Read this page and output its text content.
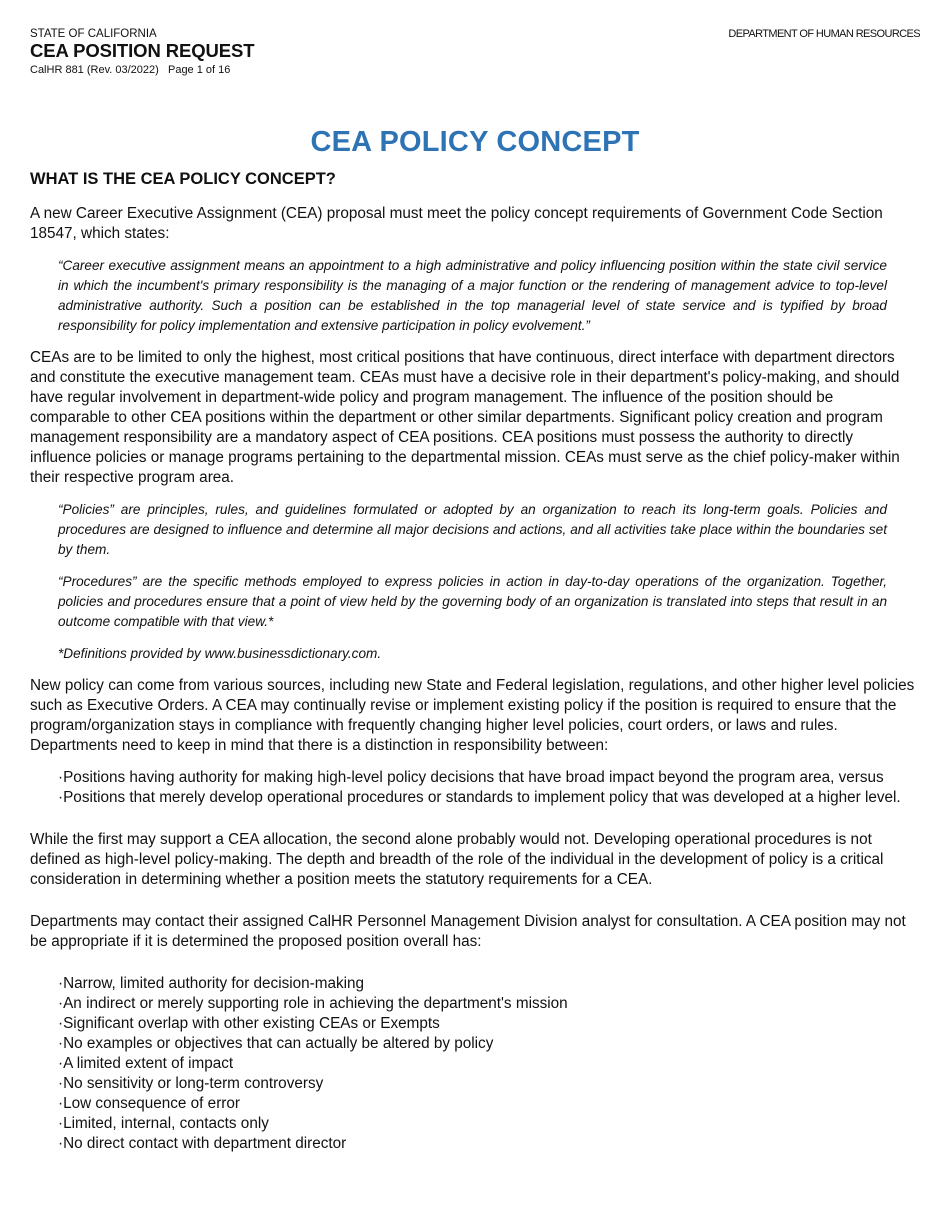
STATE OF CALIFORNIA
CEA POSITION REQUEST
CalHR 881 (Rev. 03/2022) Page 1 of 16
DEPARTMENT OF HUMAN RESOURCES
CEA POLICY CONCEPT
WHAT IS THE CEA POLICY CONCEPT?

A new Career Executive Assignment (CEA) proposal must meet the policy concept requirements of Government Code Section 18547, which states:

“Career executive assignment means an appointment to a high administrative and policy influencing position within the state civil service in which the incumbent's primary responsibility is the managing of a major function or the rendering of management advice to top-level administrative authority. Such a position can be established in the top managerial level of state service and is typified by broad responsibility for policy implementation and extensive participation in policy evolvement.”

CEAs are to be limited to only the highest, most critical positions that have continuous, direct interface with department directors and constitute the executive management team. CEAs must have a decisive role in their department's policy-making, and should have regular involvement in department-wide policy and program management. The influence of the position should be comparable to other CEA positions within the department or other similar departments. Significant policy creation and program management responsibility are a mandatory aspect of CEA positions. CEA positions must possess the authority to directly influence policies or manage programs pertaining to the departmental mission. CEAs must serve as the chief policy-maker within their respective program area.

“Policies” are principles, rules, and guidelines formulated or adopted by an organization to reach its long-term goals. Policies and procedures are designed to influence and determine all major decisions and actions, and all activities take place within the boundaries set by them.

“Procedures” are the specific methods employed to express policies in action in day-to-day operations of the organization. Together, policies and procedures ensure that a point of view held by the governing body of an organization is translated into steps that result in an outcome compatible with that view.*

*Definitions provided by www.businessdictionary.com.

New policy can come from various sources, including new State and Federal legislation, regulations, and other higher level policies such as Executive Orders. A CEA may continually revise or implement existing policy if the position is required to ensure that the program/organization stays in compliance with frequently changing higher level policies, court orders, or laws and rules. Departments need to keep in mind that there is a distinction in responsibility between:

·Positions having authority for making high-level policy decisions that have broad impact beyond the program area, versus
·Positions that merely develop operational procedures or standards to implement policy that was developed at a higher level.

While the first may support a CEA allocation, the second alone probably would not. Developing operational procedures is not defined as high-level policy-making. The depth and breadth of the role of the individual in the development of policy is a critical consideration in determining whether a position meets the statutory requirements for a CEA.

Departments may contact their assigned CalHR Personnel Management Division analyst for consultation. A CEA position may not be appropriate if it is determined the proposed position overall has:

·Narrow, limited authority for decision-making
·An indirect or merely supporting role in achieving the department's mission
·Significant overlap with other existing CEAs or Exempts
·No examples or objectives that can actually be altered by policy
·A limited extent of impact
·No sensitivity or long-term controversy
·Low consequence of error
·Limited, internal, contacts only
·No direct contact with department director
